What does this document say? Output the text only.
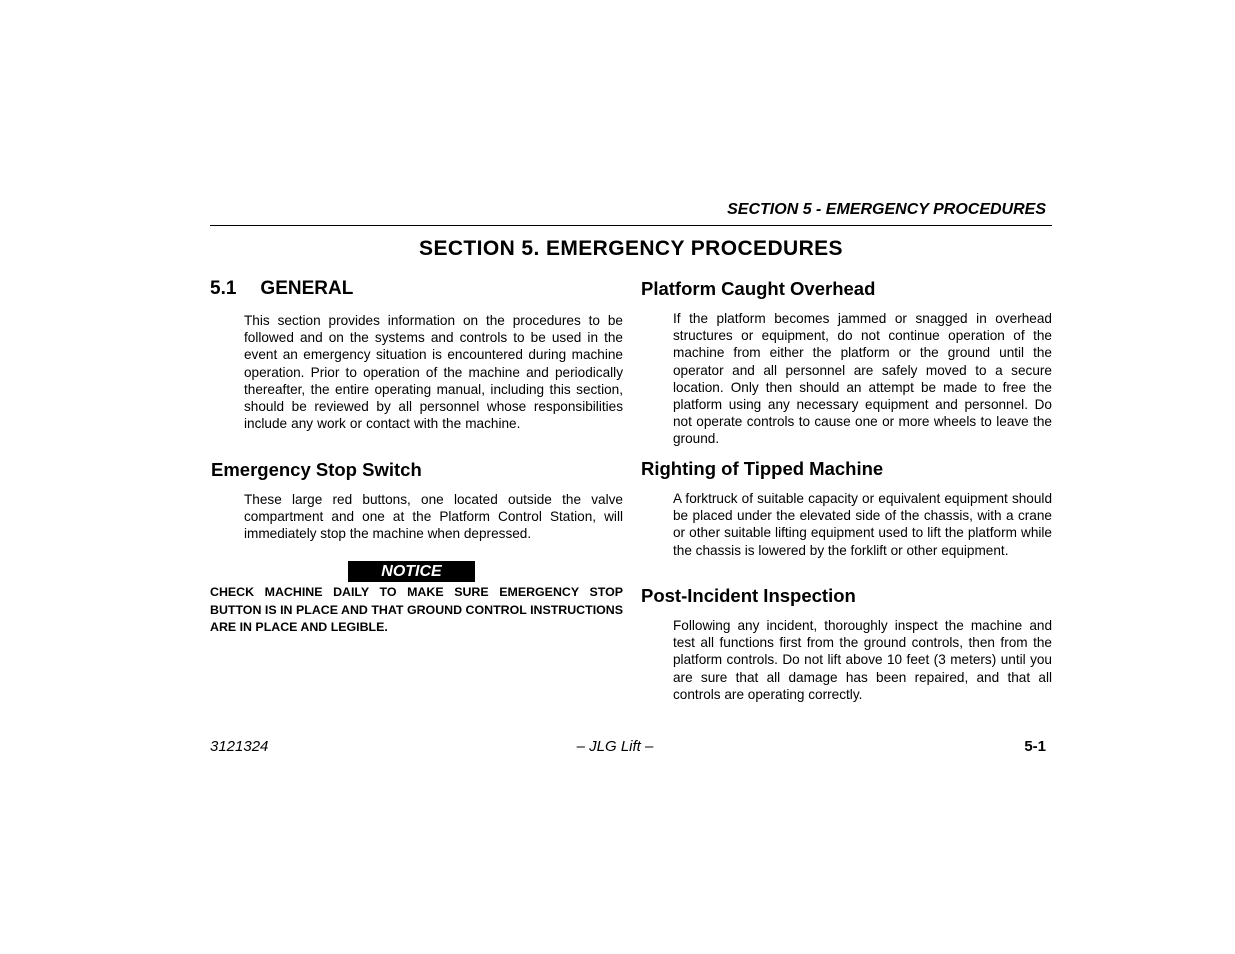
SECTION 5 - EMERGENCY PROCEDURES
SECTION 5. EMERGENCY PROCEDURES
5.1 GENERAL
This section provides information on the procedures to be followed and on the systems and controls to be used in the event an emergency situation is encountered during machine operation. Prior to operation of the machine and periodically thereafter, the entire operating manual, including this section, should be reviewed by all personnel whose responsibilities include any work or contact with the machine.
Emergency Stop Switch
These large red buttons, one located outside the valve compartment and one at the Platform Control Station, will immediately stop the machine when depressed.
NOTICE
CHECK MACHINE DAILY TO MAKE SURE EMERGENCY STOP BUTTON IS IN PLACE AND THAT GROUND CONTROL INSTRUCTIONS ARE IN PLACE AND LEGIBLE.
Platform Caught Overhead
If the platform becomes jammed or snagged in overhead structures or equipment, do not continue operation of the machine from either the platform or the ground until the operator and all personnel are safely moved to a secure location. Only then should an attempt be made to free the platform using any necessary equipment and personnel. Do not operate controls to cause one or more wheels to leave the ground.
Righting of Tipped Machine
A forktruck of suitable capacity or equivalent equipment should be placed under the elevated side of the chassis, with a crane or other suitable lifting equipment used to lift the platform while the chassis is lowered by the forklift or other equipment.
Post-Incident Inspection
Following any incident, thoroughly inspect the machine and test all functions first from the ground controls, then from the platform controls. Do not lift above 10 feet (3 meters) until you are sure that all damage has been repaired, and that all controls are operating correctly.
3121324	– JLG Lift –	5-1
